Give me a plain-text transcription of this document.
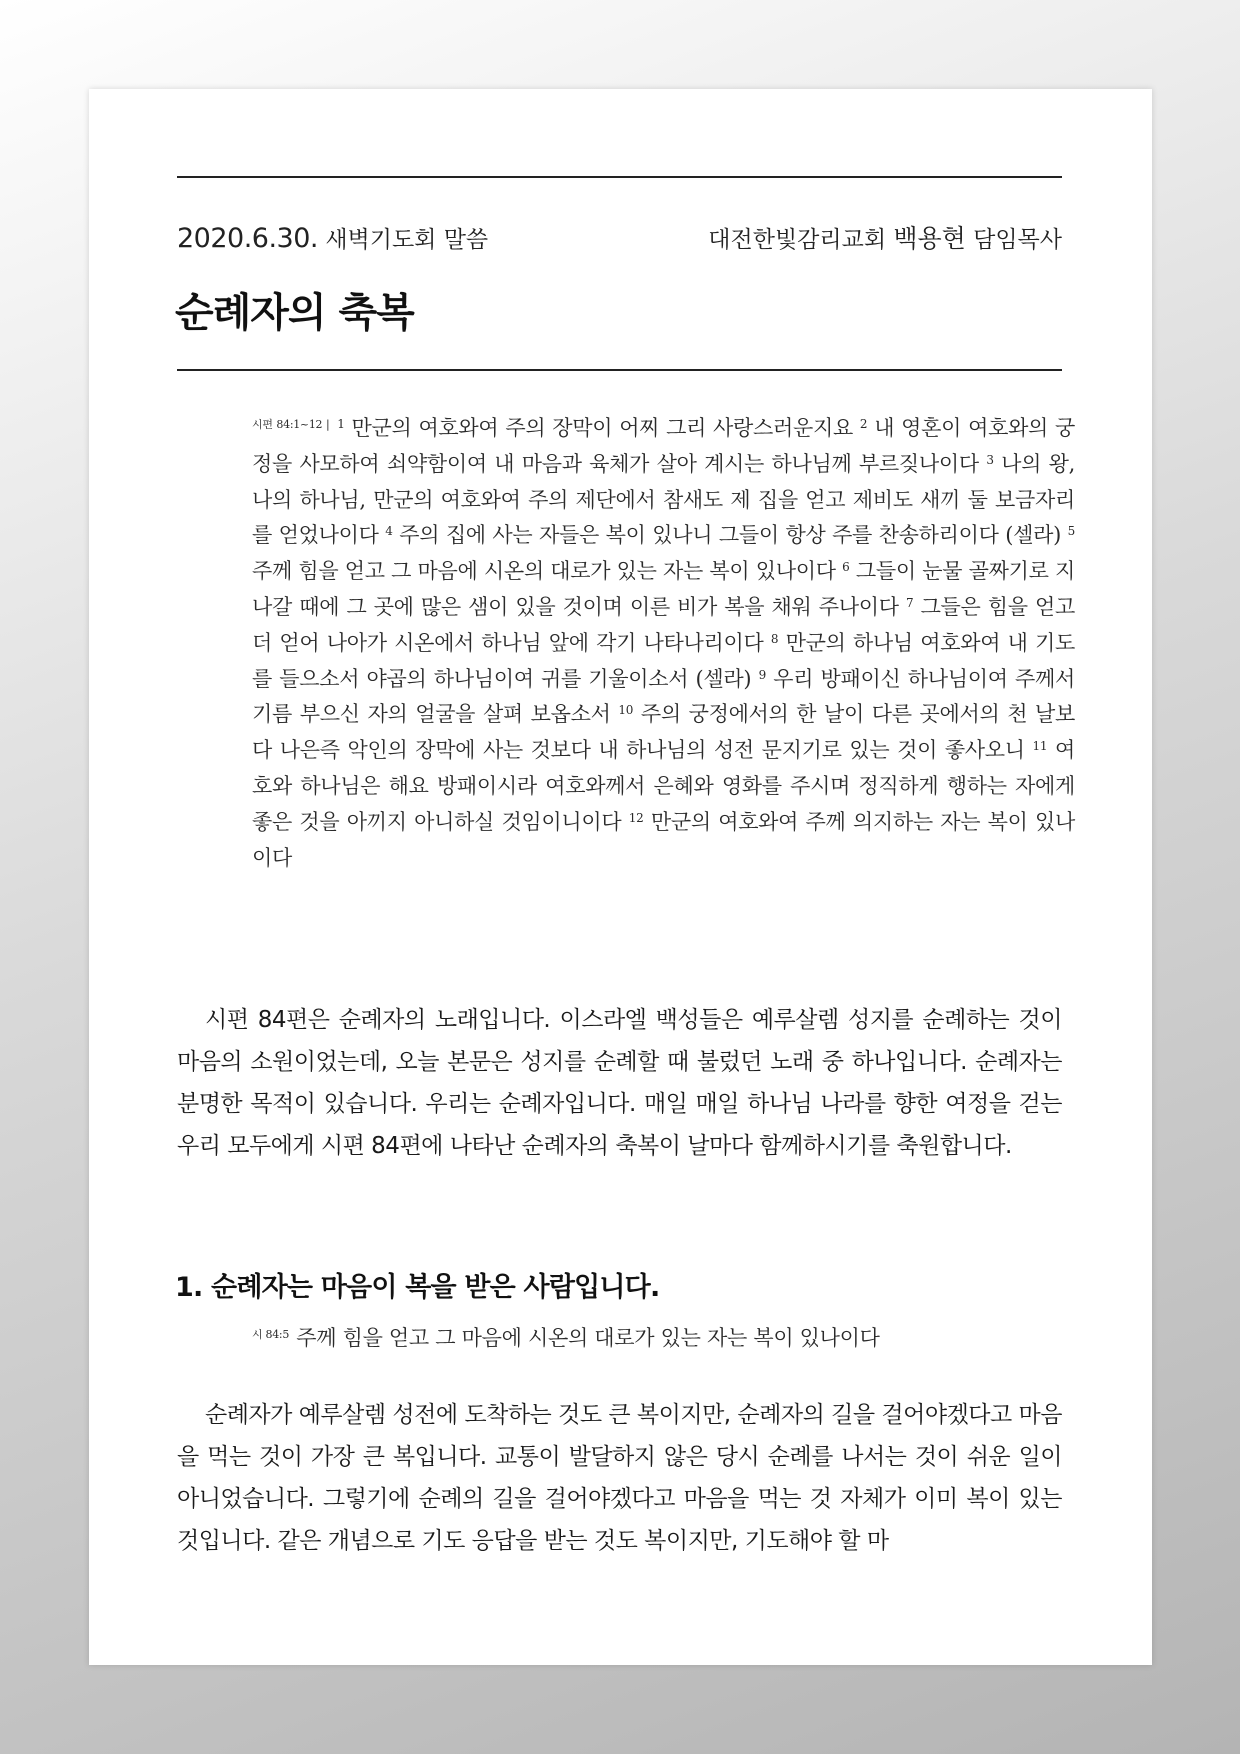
2020.6.30. 새벽기도회 말씀	대전한빛감리교회 백용현 담임목사
순례자의 축복

$^{시편 84:1\sim 12 |}$ $^1$ 만군의 여호와여 주의 장막이 어찌 그리 사랑스러운지요 $^2$ 내 영혼이 여호와의 궁정을 사모하여 쇠약함이여 내 마음과 육체가 살아 계시는 하나님께 부르짖나이다 $^3$ 나의 왕, 나의 하나님, 만군의 여호와여 주의 제단에서 참새도 제 집을 얻고 제비도 새끼 둘 보금자리를 얻었나이다 $^4$ 주의 집에 사는 자들은 복이 있나니 그들이 항상 주를 찬송하리이다 (셀라) $^5$ 주께 힘을 얻고 그 마음에 시온의 대로가 있는 자는 복이 있나이다 $^6$ 그들이 눈물 골짜기로 지나갈 때에 그 곳에 많은 샘이 있을 것이며 이른 비가 복을 채워 주나이다 $^7$ 그들은 힘을 얻고 더 얻어 나아가 시온에서 하나님 앞에 각기 나타나리이다 $^8$ 만군의 하나님 여호와여 내 기도를 들으소서 야곱의 하나님이여 귀를 기울이소서 (셀라) $^9$ 우리 방패이신 하나님이여 주께서 기름 부으신 자의 얼굴을 살펴 보옵소서 $^{10}$ 주의 궁정에서의 한 날이 다른 곳에서의 천 날보다 나은즉 악인의 장막에 사는 것보다 내 하나님의 성전 문지기로 있는 것이 좋사오니 $^{11}$ 여호와 하나님은 해요 방패이시라 여호와께서 은혜와 영화를 주시며 정직하게 행하는 자에게 좋은 것을 아끼지 아니하실 것임이니이다 $^{12}$ 만군의 여호와여 주께 의지하는 자는 복이 있나이다

시편 84편은 순례자의 노래입니다. 이스라엘 백성들은 예루살렘 성지를 순례하는 것이 마음의 소원이었는데, 오늘 본문은 성지를 순례할 때 불렀던 노래 중 하나입니다. 순례자는 분명한 목적이 있습니다. 우리는 순례자입니다. 매일 매일 하나님 나라를 향한 여정을 걷는 우리 모두에게 시편 84편에 나타난 순례자의 축복이 날마다 함께하시기를 축원합니다.

1. 순례자는 마음이 복을 받은 사람입니다.

$^{시 84:5}$ 주께 힘을 얻고 그 마음에 시온의 대로가 있는 자는 복이 있나이다

순례자가 예루살렘 성전에 도착하는 것도 큰 복이지만, 순례자의 길을 걸어야겠다고 마음을 먹는 것이 가장 큰 복입니다. 교통이 발달하지 않은 당시 순례를 나서는 것이 쉬운 일이 아니었습니다. 그렇기에 순례의 길을 걸어야겠다고 마음을 먹는 것 자체가 이미 복이 있는 것입니다. 같은 개념으로 기도 응답을 받는 것도 복이지만, 기도해야 할 마
